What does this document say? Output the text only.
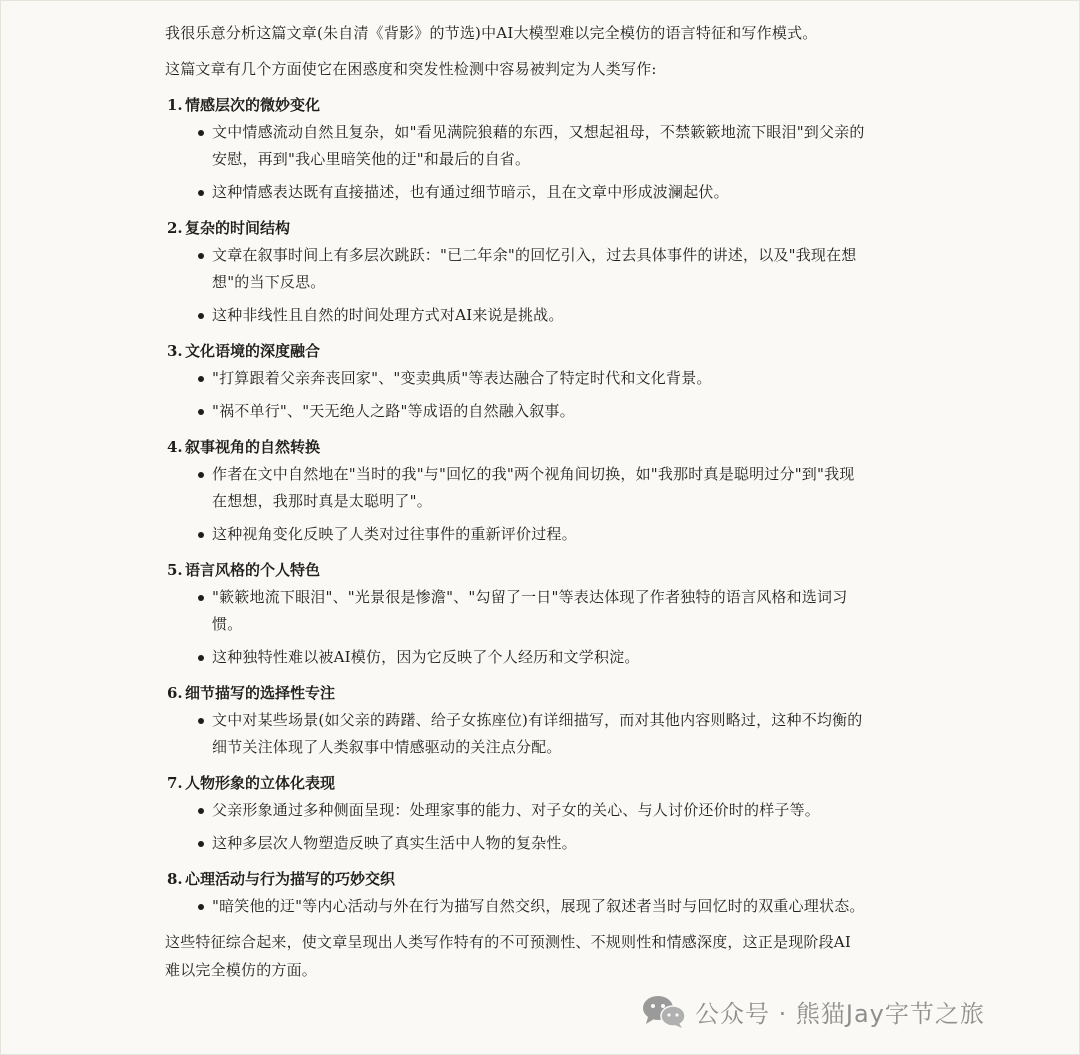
我很乐意分析这篇文章(朱自清《背影》的节选)中AI大模型难以完全模仿的语言特征和写作模式。

这篇文章有几个方面使它在困惑度和突发性检测中容易被判定为人类写作:

1. 情感层次的微妙变化
文中情感流动自然且复杂，如"看见满院狼藉的东西，又想起祖母，不禁簌簌地流下眼泪"到父亲的安慰，再到"我心里暗笑他的迂"和最后的自省。
这种情感表达既有直接描述，也有通过细节暗示，且在文章中形成波澜起伏。
2. 复杂的时间结构
文章在叙事时间上有多层次跳跃："已二年余"的回忆引入，过去具体事件的讲述，以及"我现在想想"的当下反思。
这种非线性且自然的时间处理方式对AI来说是挑战。
3. 文化语境的深度融合
"打算跟着父亲奔丧回家"、"变卖典质"等表达融合了特定时代和文化背景。
"祸不单行"、"天无绝人之路"等成语的自然融入叙事。
4. 叙事视角的自然转换
作者在文中自然地在"当时的我"与"回忆的我"两个视角间切换，如"我那时真是聪明过分"到"我现在想想，我那时真是太聪明了"。
这种视角变化反映了人类对过往事件的重新评价过程。
5. 语言风格的个人特色
"簌簌地流下眼泪"、"光景很是惨澹"、"勾留了一日"等表达体现了作者独特的语言风格和选词习惯。
这种独特性难以被AI模仿，因为它反映了个人经历和文学积淀。
6. 细节描写的选择性专注
文中对某些场景(如父亲的踌躇、给子女拣座位)有详细描写，而对其他内容则略过，这种不均衡的细节关注体现了人类叙事中情感驱动的关注点分配。
7. 人物形象的立体化表现
父亲形象通过多种侧面呈现：处理家事的能力、对子女的关心、与人讨价还价时的样子等。
这种多层次人物塑造反映了真实生活中人物的复杂性。
8. 心理活动与行为描写的巧妙交织
"暗笑他的迂"等内心活动与外在行为描写自然交织，展现了叙述者当时与回忆时的双重心理状态。

这些特征综合起来，使文章呈现出人类写作特有的不可预测性、不规则性和情感深度，这正是现阶段AI难以完全模仿的方面。

公众号 · 熊猫Jay字节之旅
